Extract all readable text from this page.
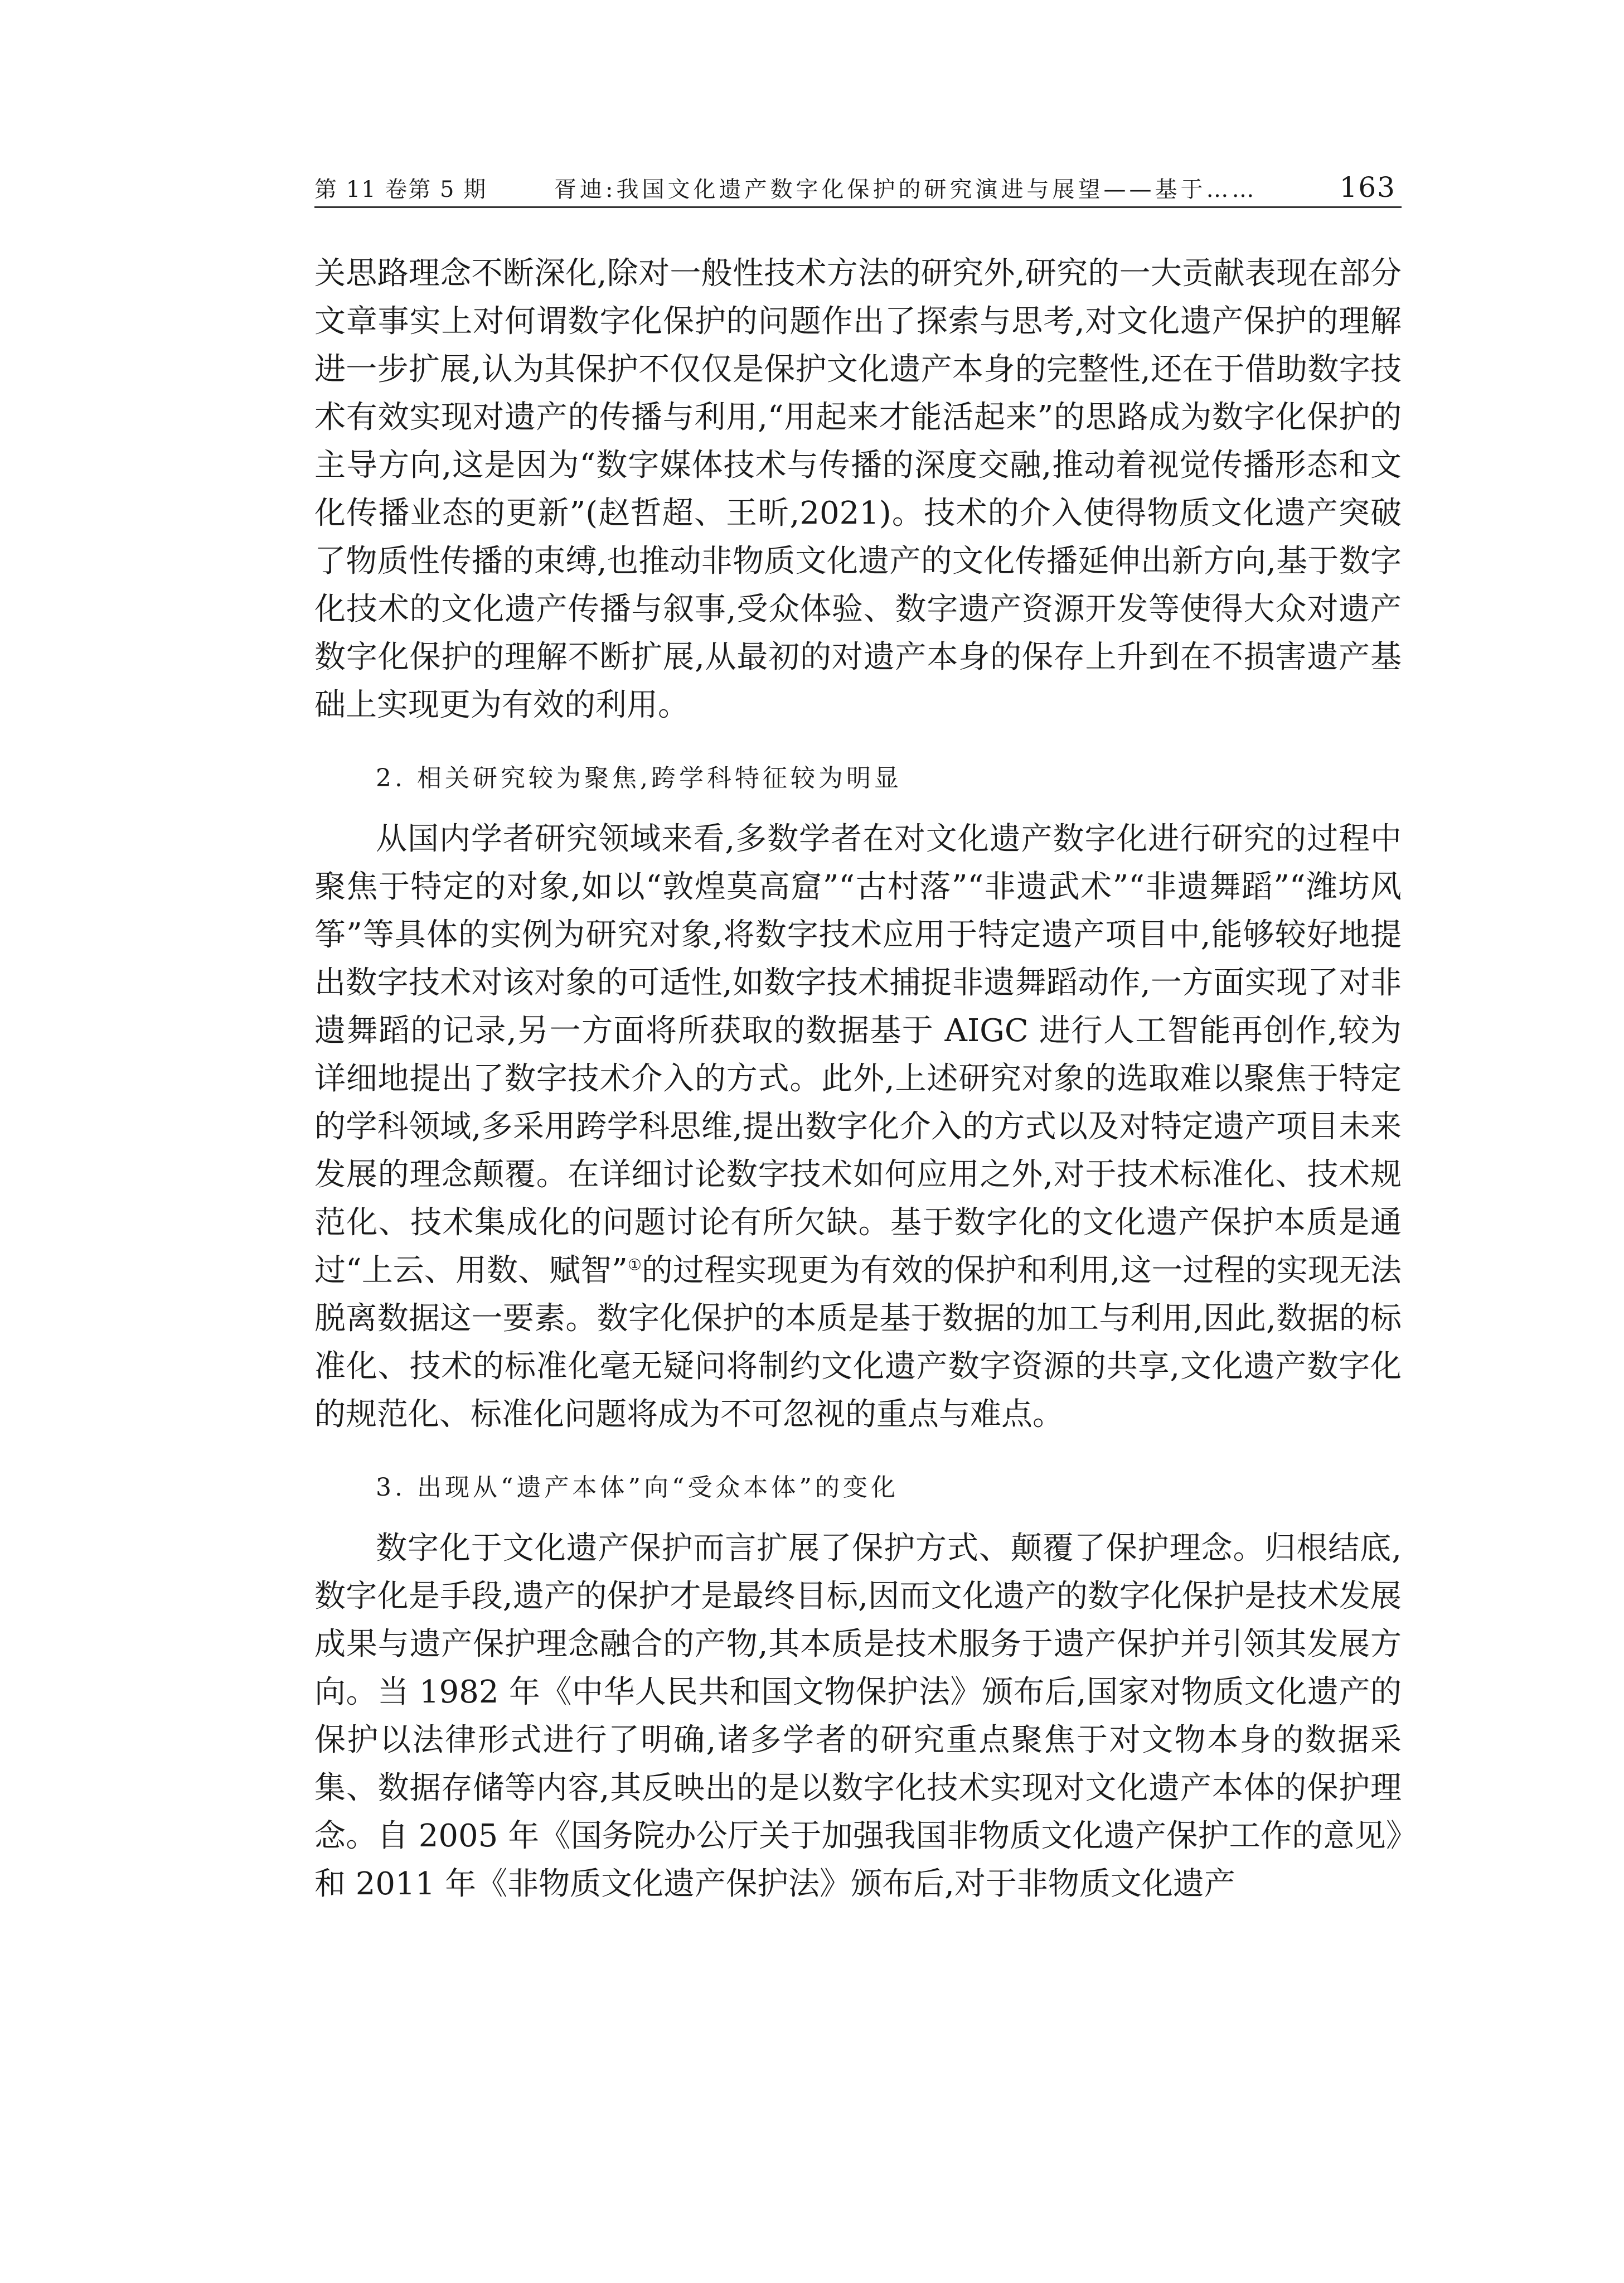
第 11 卷第 5 期	胥迪:我国文化遗产数字化保护的研究演进与展望——基于……	163

关思路理念不断深化,除对一般性技术方法的研究外,研究的一大贡献表现在部分文章事实上对何谓数字化保护的问题作出了探索与思考,对文化遗产保护的理解进一步扩展,认为其保护不仅仅是保护文化遗产本身的完整性,还在于借助数字技术有效实现对遗产的传播与利用,“用起来才能活起来”的思路成为数字化保护的主导方向,这是因为“数字媒体技术与传播的深度交融,推动着视觉传播形态和文化传播业态的更新”(赵哲超、王昕,2021)。技术的介入使得物质文化遗产突破了物质性传播的束缚,也推动非物质文化遗产的文化传播延伸出新方向,基于数字化技术的文化遗产传播与叙事,受众体验、数字遗产资源开发等使得大众对遗产数字化保护的理解不断扩展,从最初的对遗产本身的保存上升到在不损害遗产基础上实现更为有效的利用。

2. 相关研究较为聚焦,跨学科特征较为明显

从国内学者研究领域来看,多数学者在对文化遗产数字化进行研究的过程中聚焦于特定的对象,如以“敦煌莫高窟”“古村落”“非遗武术”“非遗舞蹈”“潍坊风筝”等具体的实例为研究对象,将数字技术应用于特定遗产项目中,能够较好地提出数字技术对该对象的可适性,如数字技术捕捉非遗舞蹈动作,一方面实现了对非遗舞蹈的记录,另一方面将所获取的数据基于 AIGC 进行人工智能再创作,较为详细地提出了数字技术介入的方式。此外,上述研究对象的选取难以聚焦于特定的学科领域,多采用跨学科思维,提出数字化介入的方式以及对特定遗产项目未来发展的理念颠覆。在详细讨论数字技术如何应用之外,对于技术标准化、技术规范化、技术集成化的问题讨论有所欠缺。基于数字化的文化遗产保护本质是通过“上云、用数、赋智”①的过程实现更为有效的保护和利用,这一过程的实现无法脱离数据这一要素。数字化保护的本质是基于数据的加工与利用,因此,数据的标准化、技术的标准化毫无疑问将制约文化遗产数字资源的共享,文化遗产数字化的规范化、标准化问题将成为不可忽视的重点与难点。

3. 出现从“遗产本体”向“受众本体”的变化

数字化于文化遗产保护而言扩展了保护方式、颠覆了保护理念。归根结底,数字化是手段,遗产的保护才是最终目标,因而文化遗产的数字化保护是技术发展成果与遗产保护理念融合的产物,其本质是技术服务于遗产保护并引领其发展方向。当 1982 年《中华人民共和国文物保护法》颁布后,国家对物质文化遗产的保护以法律形式进行了明确,诸多学者的研究重点聚焦于对文物本身的数据采集、数据存储等内容,其反映出的是以数字化技术实现对文化遗产本体的保护理念。自 2005 年《国务院办公厅关于加强我国非物质文化遗产保护工作的意见》和 2011 年《非物质文化遗产保护法》颁布后,对于非物质文化遗产
